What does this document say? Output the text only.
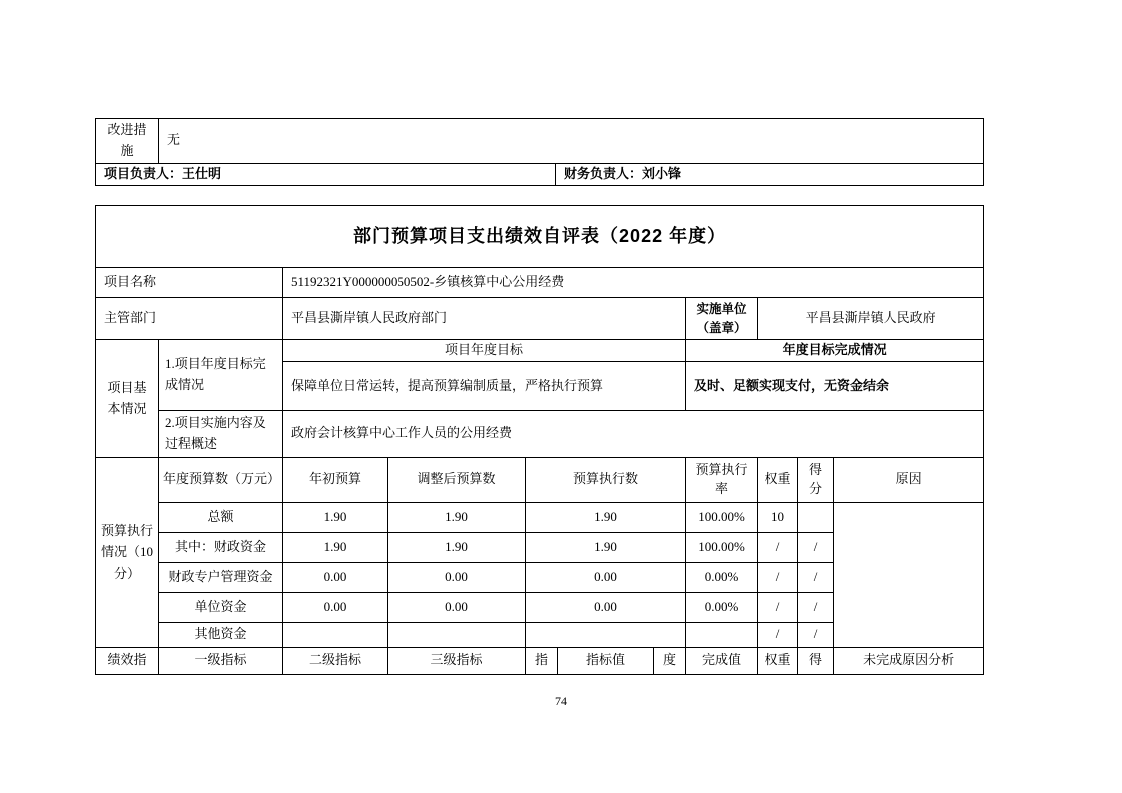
改进措施	无	
项目负责人：王仕明		财务负责人：刘小锋
部门预算项目支出绩效自评表（2022 年度）										
项目名称		51192321Y000000050502-乡镇核算中心公用经费								
主管部门		平昌县澌岸镇人民政府部门					实施单位（盖章）	平昌县澌岸镇人民政府		
项目基本情况	1.项目年度目标完成情况	项目年度目标					年度目标完成情况			
		保障单位日常运转，提高预算编制质量，严格执行预算					及时、足额实现支付，无资金结余			
	2.项目实施内容及过程概述	政府会计核算中心工作人员的公用经费								
预算执行情况（10分）	年度预算数（万元）	年初预算	调整后预算数	预算执行数			预算执行率	权重	得分	原因
	总额	1.90	1.90	1.90			100.00%	10		
	其中：财政资金	1.90	1.90	1.90			100.00%	/	/	
	财政专户管理资金	0.00	0.00	0.00			0.00%	/	/	
	单位资金	0.00	0.00	0.00			0.00%	/	/	
	其他资金							/	/	
绩效指	一级指标	二级指标	三级指标	指	指标值	度	完成值	权重	得	未完成原因分析
74
